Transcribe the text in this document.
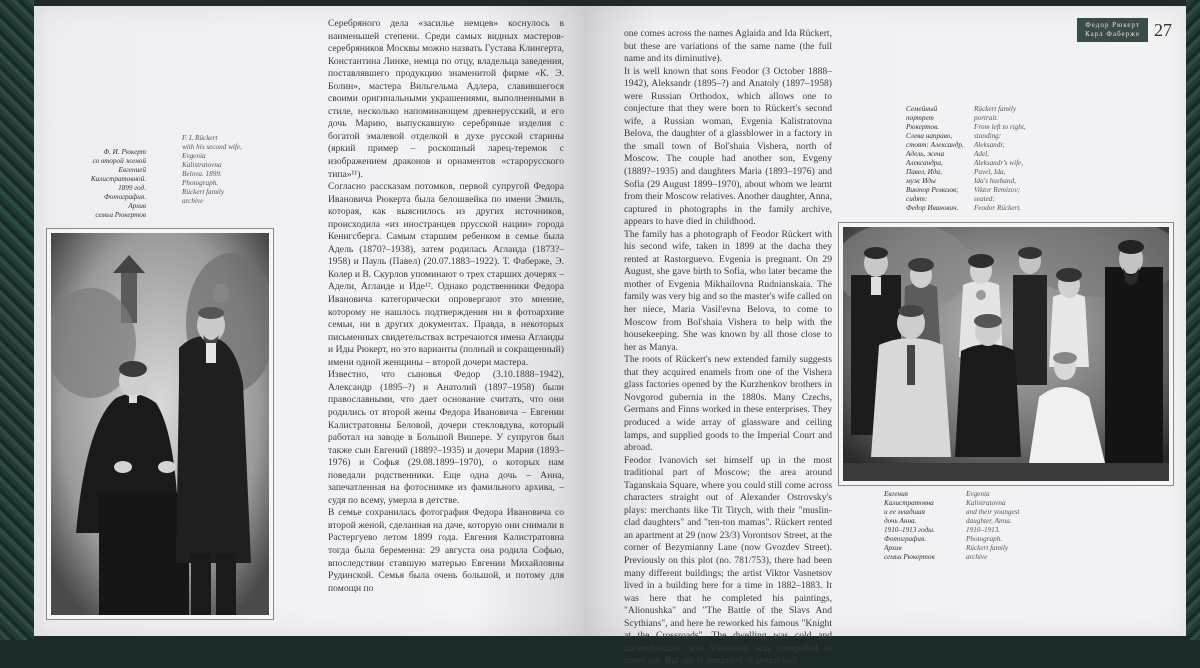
Ф. И. Рюкерт
со второй женой
Евгенией
Калистратовной.
1899 год.
Фотография.
Архив
семьи Рюкертов
F. I. Rückert
with his second wife,
Evgenia
Kalistratovna
Belova. 1899.
Photograph.
Rückert family
archive

Серебряного дела «засилье немцев» коснулось в наименьшей степени. Среди самых видных мастеров-серебряников Москвы можно назвать Густава Клингерта, Константина Линке, немца по отцу, владельца заведения, поставлявшего продукцию знаменитой фирме «К. Э. Болин», мастера Вильгельма Адлера, славившегося своими оригинальными украшениями, выполненными в стиле, несколько напоминающем древнерусский, и его дочь Марию, выпускавшую серебряные изделия с богатой эмалевой отделкой в духе русской старины (яркий пример – роскошный ларец-теремок с изображением драконов и орнаментов «старорусского типа»¹¹).

Согласно рассказам потомков, первой супругой Федора Ивановича Рюкерта была белошвейка по имени Эмиль, которая, как выяснилось из других источников, происходила «из иностранцев прусской нации» города Кенигсберга. Самым старшим ребенком в семье была Адель (1870?–1938), затем родилась Аглаида (1873?–1958) и Пауль (Павел) (20.07.1883–1922). Т. Фаберже, Э. Колер и В. Скурлов упоминают о трех старших дочерях – Адели, Аглаиде и Иде¹². Однако родственники Федора Ивановича категорически опровергают это мнение, которому не нашлось подтверждения ни в фотоархиве семьи, ни в других документах. Правда, в некоторых письменных свидетельствах встречаются имена Аглаиды и Иды Рюкерт, но это варианты (полный и сокращенный) имени одной женщины – второй дочери мастера.

Известно, что сыновья Федор (3.10.1888–1942), Александр (1895–?) и Анатолий (1897–1958) были православными, что дает основание считать, что они родились от второй жены Федора Ивановича – Евгении Калистратовны Беловой, дочери стекловдува, который работал на заводе в Большой Вишере. У супругов был также сын Евгений (1889?–1935) и дочери Мария (1893–1976) и Софья (29.08.1899–1970), о которых нам поведали родственники. Еще одна дочь – Анна, запечатленная на фотоснимке из фамильного архива, – судя по всему, умерла в детстве.

В семье сохранилась фотография Федора Ивановича со второй женой, сделанная на даче, которую они снимали в Растергуево летом 1899 года. Евгения Калистратовна тогда была беременна: 29 августа она родила Софью, впоследствии ставшую матерью Евгении Михайловны Рудинской. Семья была очень большой, и потому для помощи по

Федор Рюкерт
Карл Фаберже 27

one comes across the names Aglaida and Ida Rückert, but these are variations of the same name (the full name and its diminutive).

It is well known that sons Feodor (3 October 1888–1942), Aleksandr (1895–?) and Anatoly (1897–1958) were Russian Orthodox, which allows one to conjecture that they were born to Rückert's second wife, a Russian woman, Evgenia Kalistratovna Belova, the daughter of a glassblower in a factory in the small town of Bol'shaia Vishera, north of Moscow. The couple had another son, Evgeny (1889?–1935) and daughters Maria (1893–1976) and Sofia (29 August 1899–1970), about whom we learnt from their Moscow relatives. Another daughter, Anna, captured in photographs in the family archive, appears to have died in childhood.

The family has a photograph of Feodor Rückert with his second wife, taken in 1899 at the dacha they rented at Rastorguevo. Evgenia is pregnant. On 29 August, she gave birth to Sofia, who later became the mother of Evgenia Mikhailovna Rudnianskaia. The family was very big and so the master's wife called on her niece, Maria Vasil'evna Belova, to come to Moscow from Bol'shaia Vishera to help with the housekeeping. She was known by all those close to her as Manya.

The roots of Rückert's new extended family suggests that they acquired enamels from one of the Vishera glass factories opened by the Kurzhenkov brothers in Novgorod gubernia in the 1880s. Many Czechs, Germans and Finns worked in these enterprises. They produced a wide array of glassware and ceiling lamps, and supplied goods to the Imperial Court and abroad.

Feodor Ivanovich set himself up in the most traditional part of Moscow; the area around Taganskaia Square, where you could still come across characters straight out of Alexander Ostrovsky's plays: merchants like Tit Titych, with their "muslin-clad daughters" and "ten-ton mamas". Rückert rented an apartment at 29 (now 23/3) Vorontsov Street, at the corner of Bezymianny Lane (now Gvozdev Street). Previously on this plot (no. 781/753), there had been many different buildings; the artist Viktor Vasnetsov lived in a building here for a time in 1882–1883. It was here that he completed his paintings, "Alionushka" and "The Battle of the Slavs And Scythians", and here he reworked his famous "Knight at the Crossroads". The dwelling was cold and uncomfortable, and Vasnetsov was compelled to move out. But one is reminded of genius loci.

Семейный
портрет
Рюкертов.
Слева направо,
стоят: Александр,
Адель, жена
Александра,
Павел, Ида,
муж Иды
Виктор Ремизов;
сидят:
Федор Иванович.
Rückert family
portrait.
From left to right,
standing:
Aleksandr,
Adel,
Aleksandr's wife,
Pavel, Ida,
Ida's husband,
Viktor Remizov;
seated:
Feodor Rückert.
Евгения
Калистратовна
и ее младшая
дочь Анна.
1910–1913 годы.
Фотография.
Архив
семьи Рюкертов
Evgenia
Kalistratovna
and their youngest
daughter, Anna.
1910–1913.
Photograph.
Rückert family
archive
